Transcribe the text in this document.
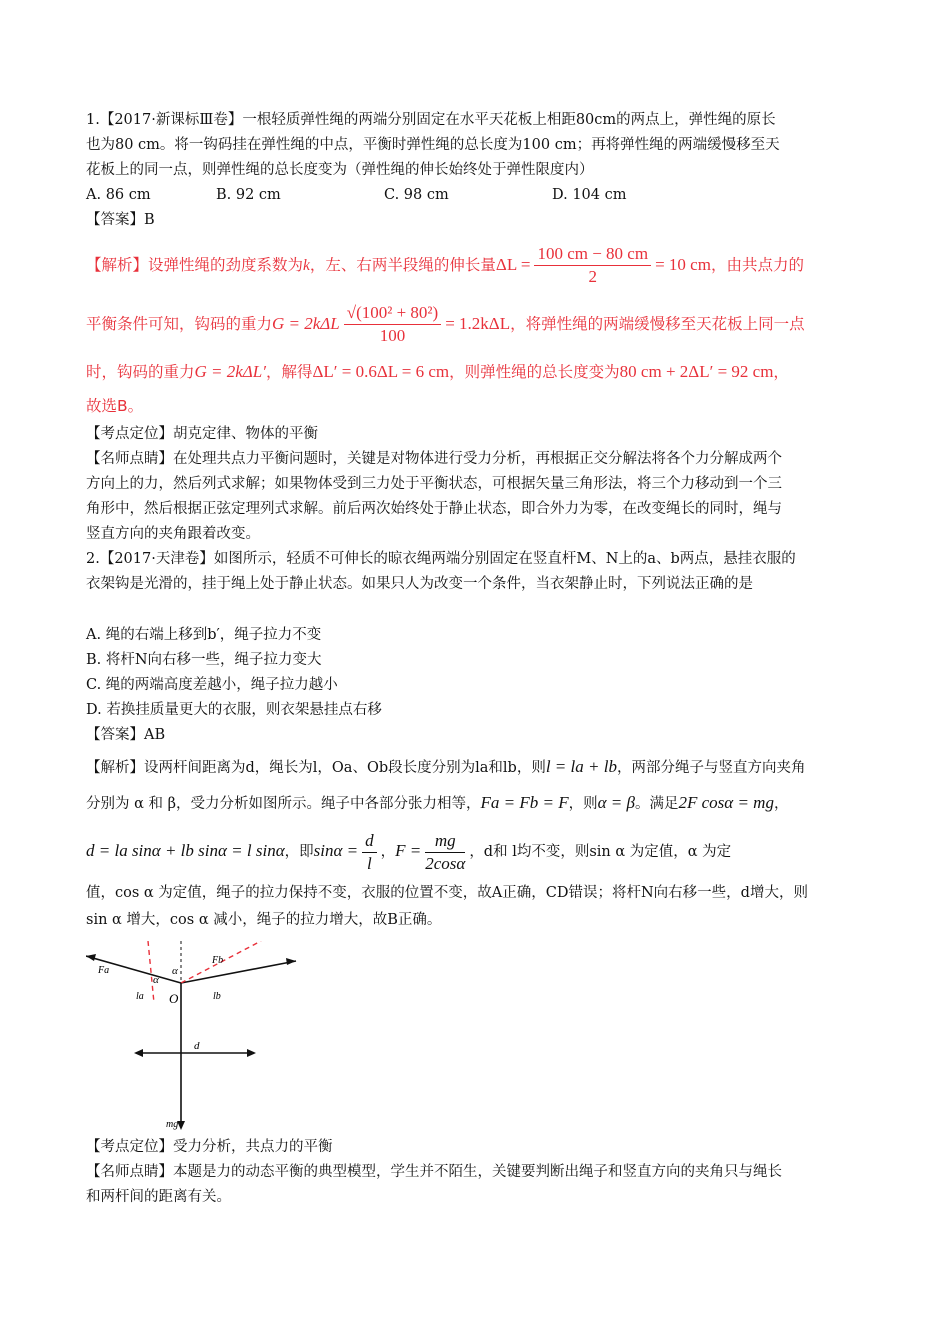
1.【2017·新课标Ⅲ卷】一根轻质弹性绳的两端分别固定在水平天花板上相距80cm的两点上，弹性绳的原长

也为80 cm。将一钩码挂在弹性绳的中点，平衡时弹性绳的总长度为100 cm；再将弹性绳的两端缓慢移至天

花板上的同一点，则弹性绳的总长度变为（弹性绳的伸长始终处于弹性限度内）

A. 86 cm	B. 92 cm	C. 98 cm	D. 104 cm

【答案】B

【解析】设弹性绳的劲度系数为k，左、右两半段绳的伸长量$\Delta L = \frac{100 cm - 80 cm}{2} = 10$ cm，由共点力的

平衡条件可知，钩码的重力$G = 2k\Delta L \frac{\text{√(100² + 80²)}}{100} = 1.2k\Delta L$，将弹性绳的两端缓慢移至天花板上同一点

时，钩码的重力G = 2kΔL′，解得ΔL′ = 0.6ΔL = 6 cm，则弹性绳的总长度变为80 cm + 2ΔL′ = 92 cm，

故选B。

【考点定位】胡克定律、物体的平衡

【名师点睛】在处理共点力平衡问题时，关键是对物体进行受力分析，再根据正交分解法将各个力分解成两个

方向上的力，然后列式求解；如果物体受到三力处于平衡状态，可根据矢量三角形法，将三个力移动到一个三

角形中，然后根据正弦定理列式求解。前后两次始终处于静止状态，即合外力为零，在改变绳长的同时，绳与

竖直方向的夹角跟着改变。

2.【2017·天津卷】如图所示，轻质不可伸长的晾衣绳两端分别固定在竖直杆M、N上的a、b两点，悬挂衣服的

衣架钩是光滑的，挂于绳上处于静止状态。如果只人为改变一个条件，当衣架静止时，下列说法正确的是

A. 绳的右端上移到b′，绳子拉力不变

B. 将杆N向右移一些，绳子拉力变大

C. 绳的两端高度差越小，绳子拉力越小

D. 若换挂质量更大的衣服，则衣架悬挂点右移

【答案】AB

【解析】设两杆间距离为d，绳长为l，Oa、Ob段长度分别为la和lb，则l = la + lb，两部分绳子与竖直方向夹角

分别为 α 和 β，受力分析如图所示。绳子中各部分张力相等，Fa = Fb = F，则α = β。满足2F cosα = mg，

d = la sinα + lb sinα = l sinα，即$\sin\alpha = \frac{d}{l}$ ，$F = \frac{mg}{2\cos\alpha}$ ，d和 l均不变，则sin α 为定值，α 为定

值，cos α 为定值，绳子的拉力保持不变，衣服的位置不变，故A正确，CD错误；将杆N向右移一些，d增大，则

sin α 增大，cos α 减小，绳子的拉力增大，故B正确。

Fa
Fb
α
α
la	lb
O
d
mg

【考点定位】受力分析，共点力的平衡

【名师点睛】本题是力的动态平衡的典型模型，学生并不陌生，关键要判断出绳子和竖直方向的夹角只与绳长

和两杆间的距离有关。
